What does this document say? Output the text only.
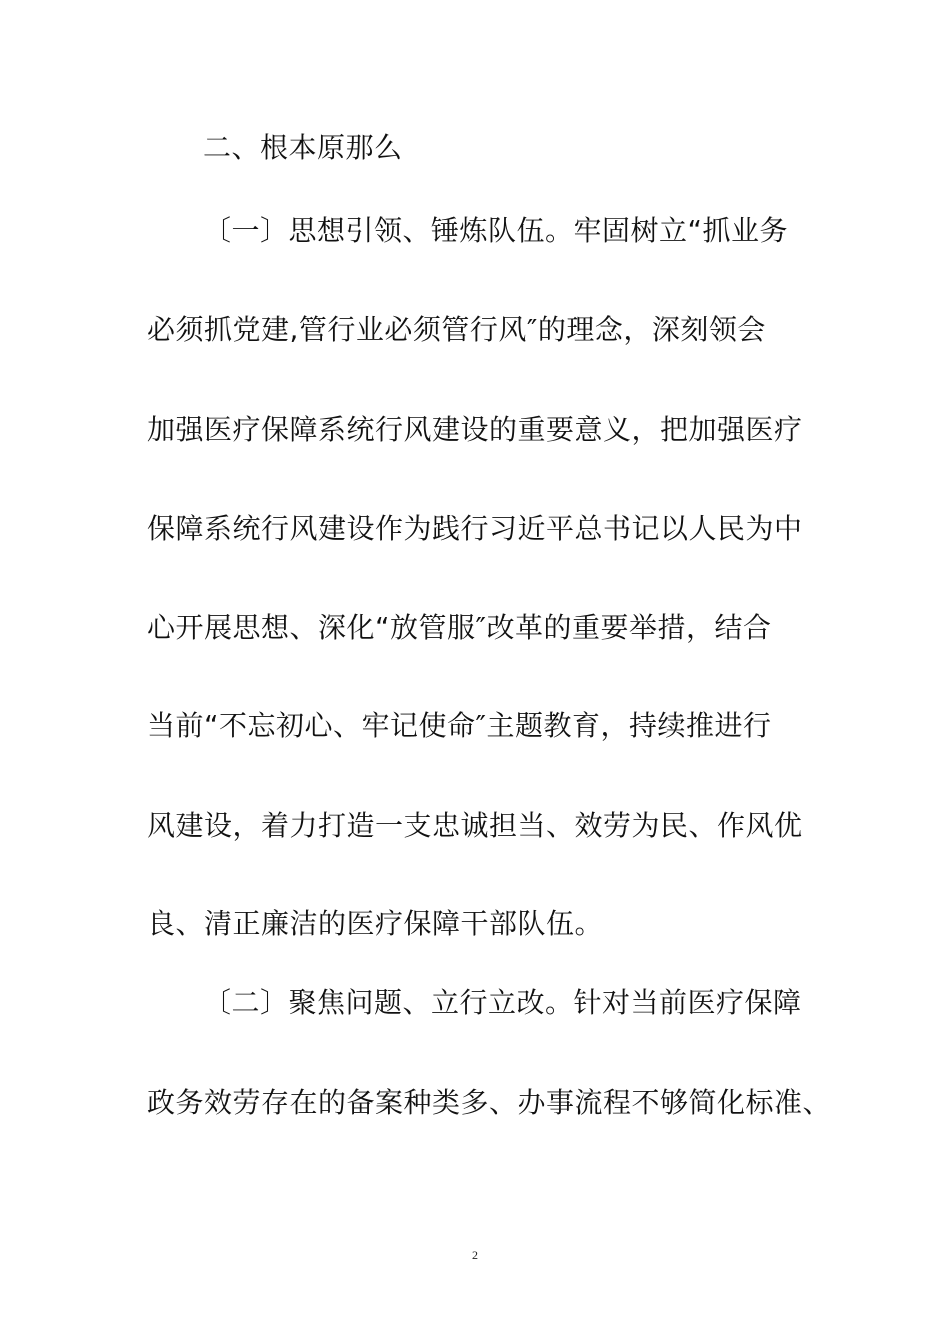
二、根本原那么
〔一〕思想引领、锤炼队伍。牢固树立“抓业务
必须抓党建,管行业必须管行风″的理念，深刻领会
加强医疗保障系统行风建设的重要意义，把加强医疗
保障系统行风建设作为践行习近平总书记以人民为中
心开展思想、深化“放管服″改革的重要举措，结合
当前“不忘初心、牢记使命″主题教育，持续推进行
风建设，着力打造一支忠诚担当、效劳为民、作风优
良、清正廉洁的医疗保障干部队伍。
〔二〕聚焦问题、立行立改。针对当前医疗保障
政务效劳存在的备案种类多、办事流程不够简化标准、
2
